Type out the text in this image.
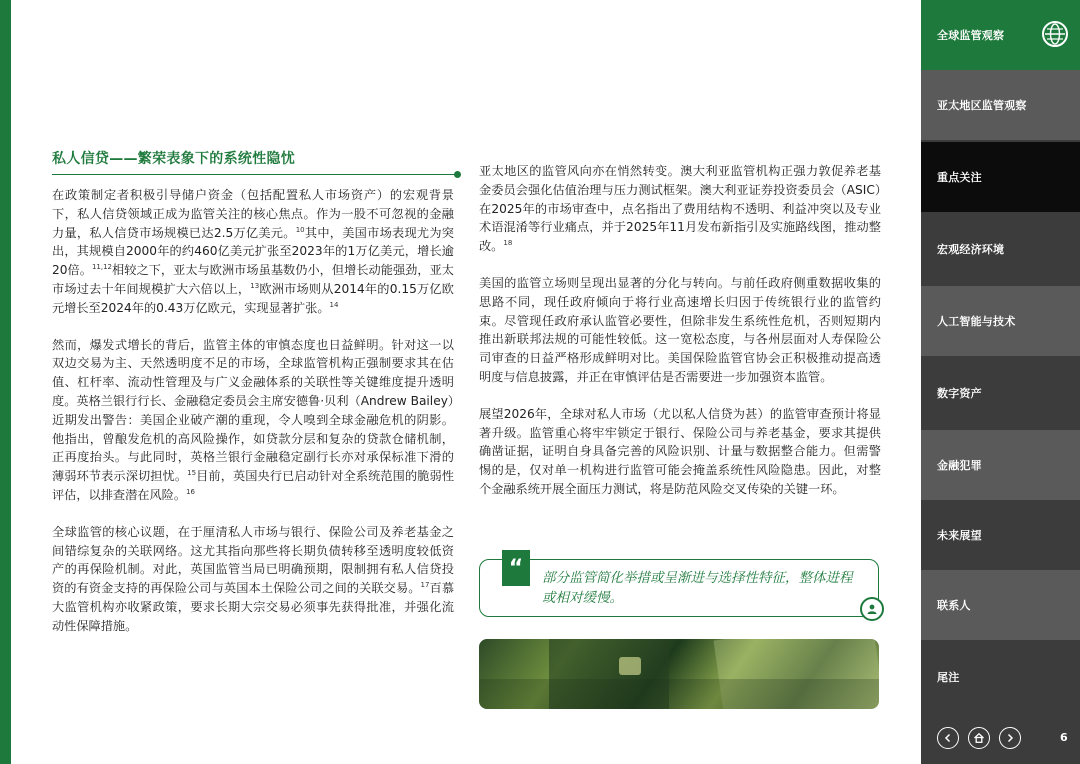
私人信贷——繁荣表象下的系统性隐忧

在政策制定者积极引导储户资金（包括配置私人市场资产）的宏观背景下，私人信贷领域正成为监管关注的核心焦点。作为一股不可忽视的金融力量，私人信贷市场规模已达2.5万亿美元。$^{10}$其中，美国市场表现尤为突出，其规模自2000年的约460亿美元扩张至2023年的1万亿美元，增长逾20倍。$^{11,12}$相较之下，亚太与欧洲市场虽基数仍小，但增长动能强劲，亚太市场过去十年间规模扩大六倍以上，$^{13}$欧洲市场则从2014年的0.15万亿欧元增长至2024年的0.43万亿欧元，实现显著扩张。$^{14}$

然而，爆发式增长的背后，监管主体的审慎态度也日益鲜明。针对这一以双边交易为主、天然透明度不足的市场，全球监管机构正强制要求其在估值、杠杆率、流动性管理及与广义金融体系的关联性等关键维度提升透明度。英格兰银行行长、金融稳定委员会主席安德鲁·贝利（Andrew Bailey）近期发出警告：美国企业破产潮的重现，令人嗅到全球金融危机的阴影。他指出，曾酿发危机的高风险操作，如贷款分层和复杂的贷款仓储机制，正再度抬头。与此同时，英格兰银行金融稳定副行长亦对承保标准下滑的薄弱环节表示深切担忧。$^{15}$目前，英国央行已启动针对全系统范围的脆弱性评估，以排查潜在风险。$^{16}$

全球监管的核心议题，在于厘清私人市场与银行、保险公司及养老基金之间错综复杂的关联网络。这尤其指向那些将长期负债转移至透明度较低资产的再保险机制。对此，英国监管当局已明确预期，限制拥有私人信贷投资的有资金支持的再保险公司与英国本土保险公司之间的关联交易。$^{17}$百慕大监管机构亦收紧政策，要求长期大宗交易必须事先获得批准，并强化流动性保障措施。

亚太地区的监管风向亦在悄然转变。澳大利亚监管机构正强力敦促养老基金委员会强化估值治理与压力测试框架。澳大利亚证券投资委员会（ASIC）在2025年的市场审查中，点名指出了费用结构不透明、利益冲突以及专业术语混淆等行业痛点，并于2025年11月发布新指引及实施路线图，推动整改。$^{18}$

美国的监管立场则呈现出显著的分化与转向。与前任政府侧重数据收集的思路不同，现任政府倾向于将行业高速增长归因于传统银行业的监管约束。尽管现任政府承认监管必要性，但除非发生系统性危机，否则短期内推出新联邦法规的可能性较低。这一宽松态度，与各州层面对人寿保险公司审查的日益严格形成鲜明对比。美国保险监管官协会正积极推动提高透明度与信息披露，并正在审慎评估是否需要进一步加强资本监管。

展望2026年，全球对私人市场（尤以私人信贷为甚）的监管审查预计将显著升级。监管重心将牢牢锁定于银行、保险公司与养老基金，要求其提供确凿证据，证明自身具备完善的风险识别、计量与数据整合能力。但需警惕的是，仅对单一机构进行监管可能会掩盖系统性风险隐患。因此，对整个金融系统开展全面压力测试，将是防范风险交叉传染的关键一环。

“	部分监管简化举措或呈渐进与选择性特征，整体进程或相对缓慢。
全球监管观察
亚太地区监管观察
重点关注
宏观经济环境
人工智能与技术
数字资产
金融犯罪
未来展望
联系人
尾注
6
